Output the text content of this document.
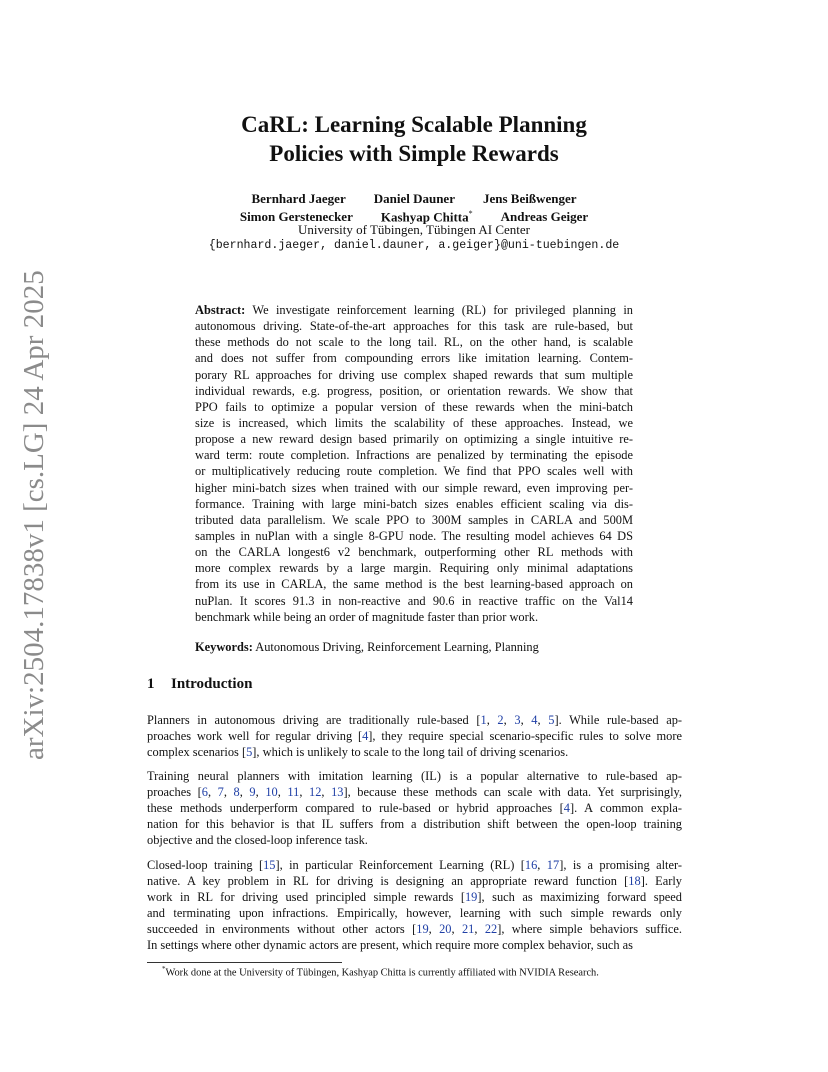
arXiv:2504.17838v1 [cs.LG] 24 Apr 2025
CaRL: Learning Scalable Planning
Policies with Simple Rewards
Bernhard Jaeger Daniel Dauner Jens Beißwenger
Simon Gerstenecker Kashyap Chitta* Andreas Geiger
University of Tübingen, Tübingen AI Center
{bernhard.jaeger, daniel.dauner, a.geiger}@uni-tuebingen.de
Abstract: We investigate reinforcement learning (RL) for privileged planning in
autonomous driving. State-of-the-art approaches for this task are rule-based, but
these methods do not scale to the long tail. RL, on the other hand, is scalable
and does not suffer from compounding errors like imitation learning. Contem-
porary RL approaches for driving use complex shaped rewards that sum multiple
individual rewards, e.g. progress, position, or orientation rewards. We show that
PPO fails to optimize a popular version of these rewards when the mini-batch
size is increased, which limits the scalability of these approaches. Instead, we
propose a new reward design based primarily on optimizing a single intuitive re-
ward term: route completion. Infractions are penalized by terminating the episode
or multiplicatively reducing route completion. We find that PPO scales well with
higher mini-batch sizes when trained with our simple reward, even improving per-
formance. Training with large mini-batch sizes enables efficient scaling via dis-
tributed data parallelism. We scale PPO to 300M samples in CARLA and 500M
samples in nuPlan with a single 8-GPU node. The resulting model achieves 64 DS
on the CARLA longest6 v2 benchmark, outperforming other RL methods with
more complex rewards by a large margin. Requiring only minimal adaptations
from its use in CARLA, the same method is the best learning-based approach on
nuPlan. It scores 91.3 in non-reactive and 90.6 in reactive traffic on the Val14
benchmark while being an order of magnitude faster than prior work.
Keywords: Autonomous Driving, Reinforcement Learning, Planning
1 Introduction
Planners in autonomous driving are traditionally rule-based [1, 2, 3, 4, 5]. While rule-based ap-
proaches work well for regular driving [4], they require special scenario-specific rules to solve more
complex scenarios [5], which is unlikely to scale to the long tail of driving scenarios.
Training neural planners with imitation learning (IL) is a popular alternative to rule-based ap-
proaches [6, 7, 8, 9, 10, 11, 12, 13], because these methods can scale with data. Yet surprisingly,
these methods underperform compared to rule-based or hybrid approaches [4]. A common expla-
nation for this behavior is that IL suffers from a distribution shift between the open-loop training
objective and the closed-loop inference task.
Closed-loop training [15], in particular Reinforcement Learning (RL) [16, 17], is a promising alter-
native. A key problem in RL for driving is designing an appropriate reward function [18]. Early
work in RL for driving used principled simple rewards [19], such as maximizing forward speed
and terminating upon infractions. Empirically, however, learning with such simple rewards only
succeeded in environments without other actors [19, 20, 21, 22], where simple behaviors suffice.
In settings where other dynamic actors are present, which require more complex behavior, such as
*Work done at the University of Tübingen, Kashyap Chitta is currently affiliated with NVIDIA Research.
